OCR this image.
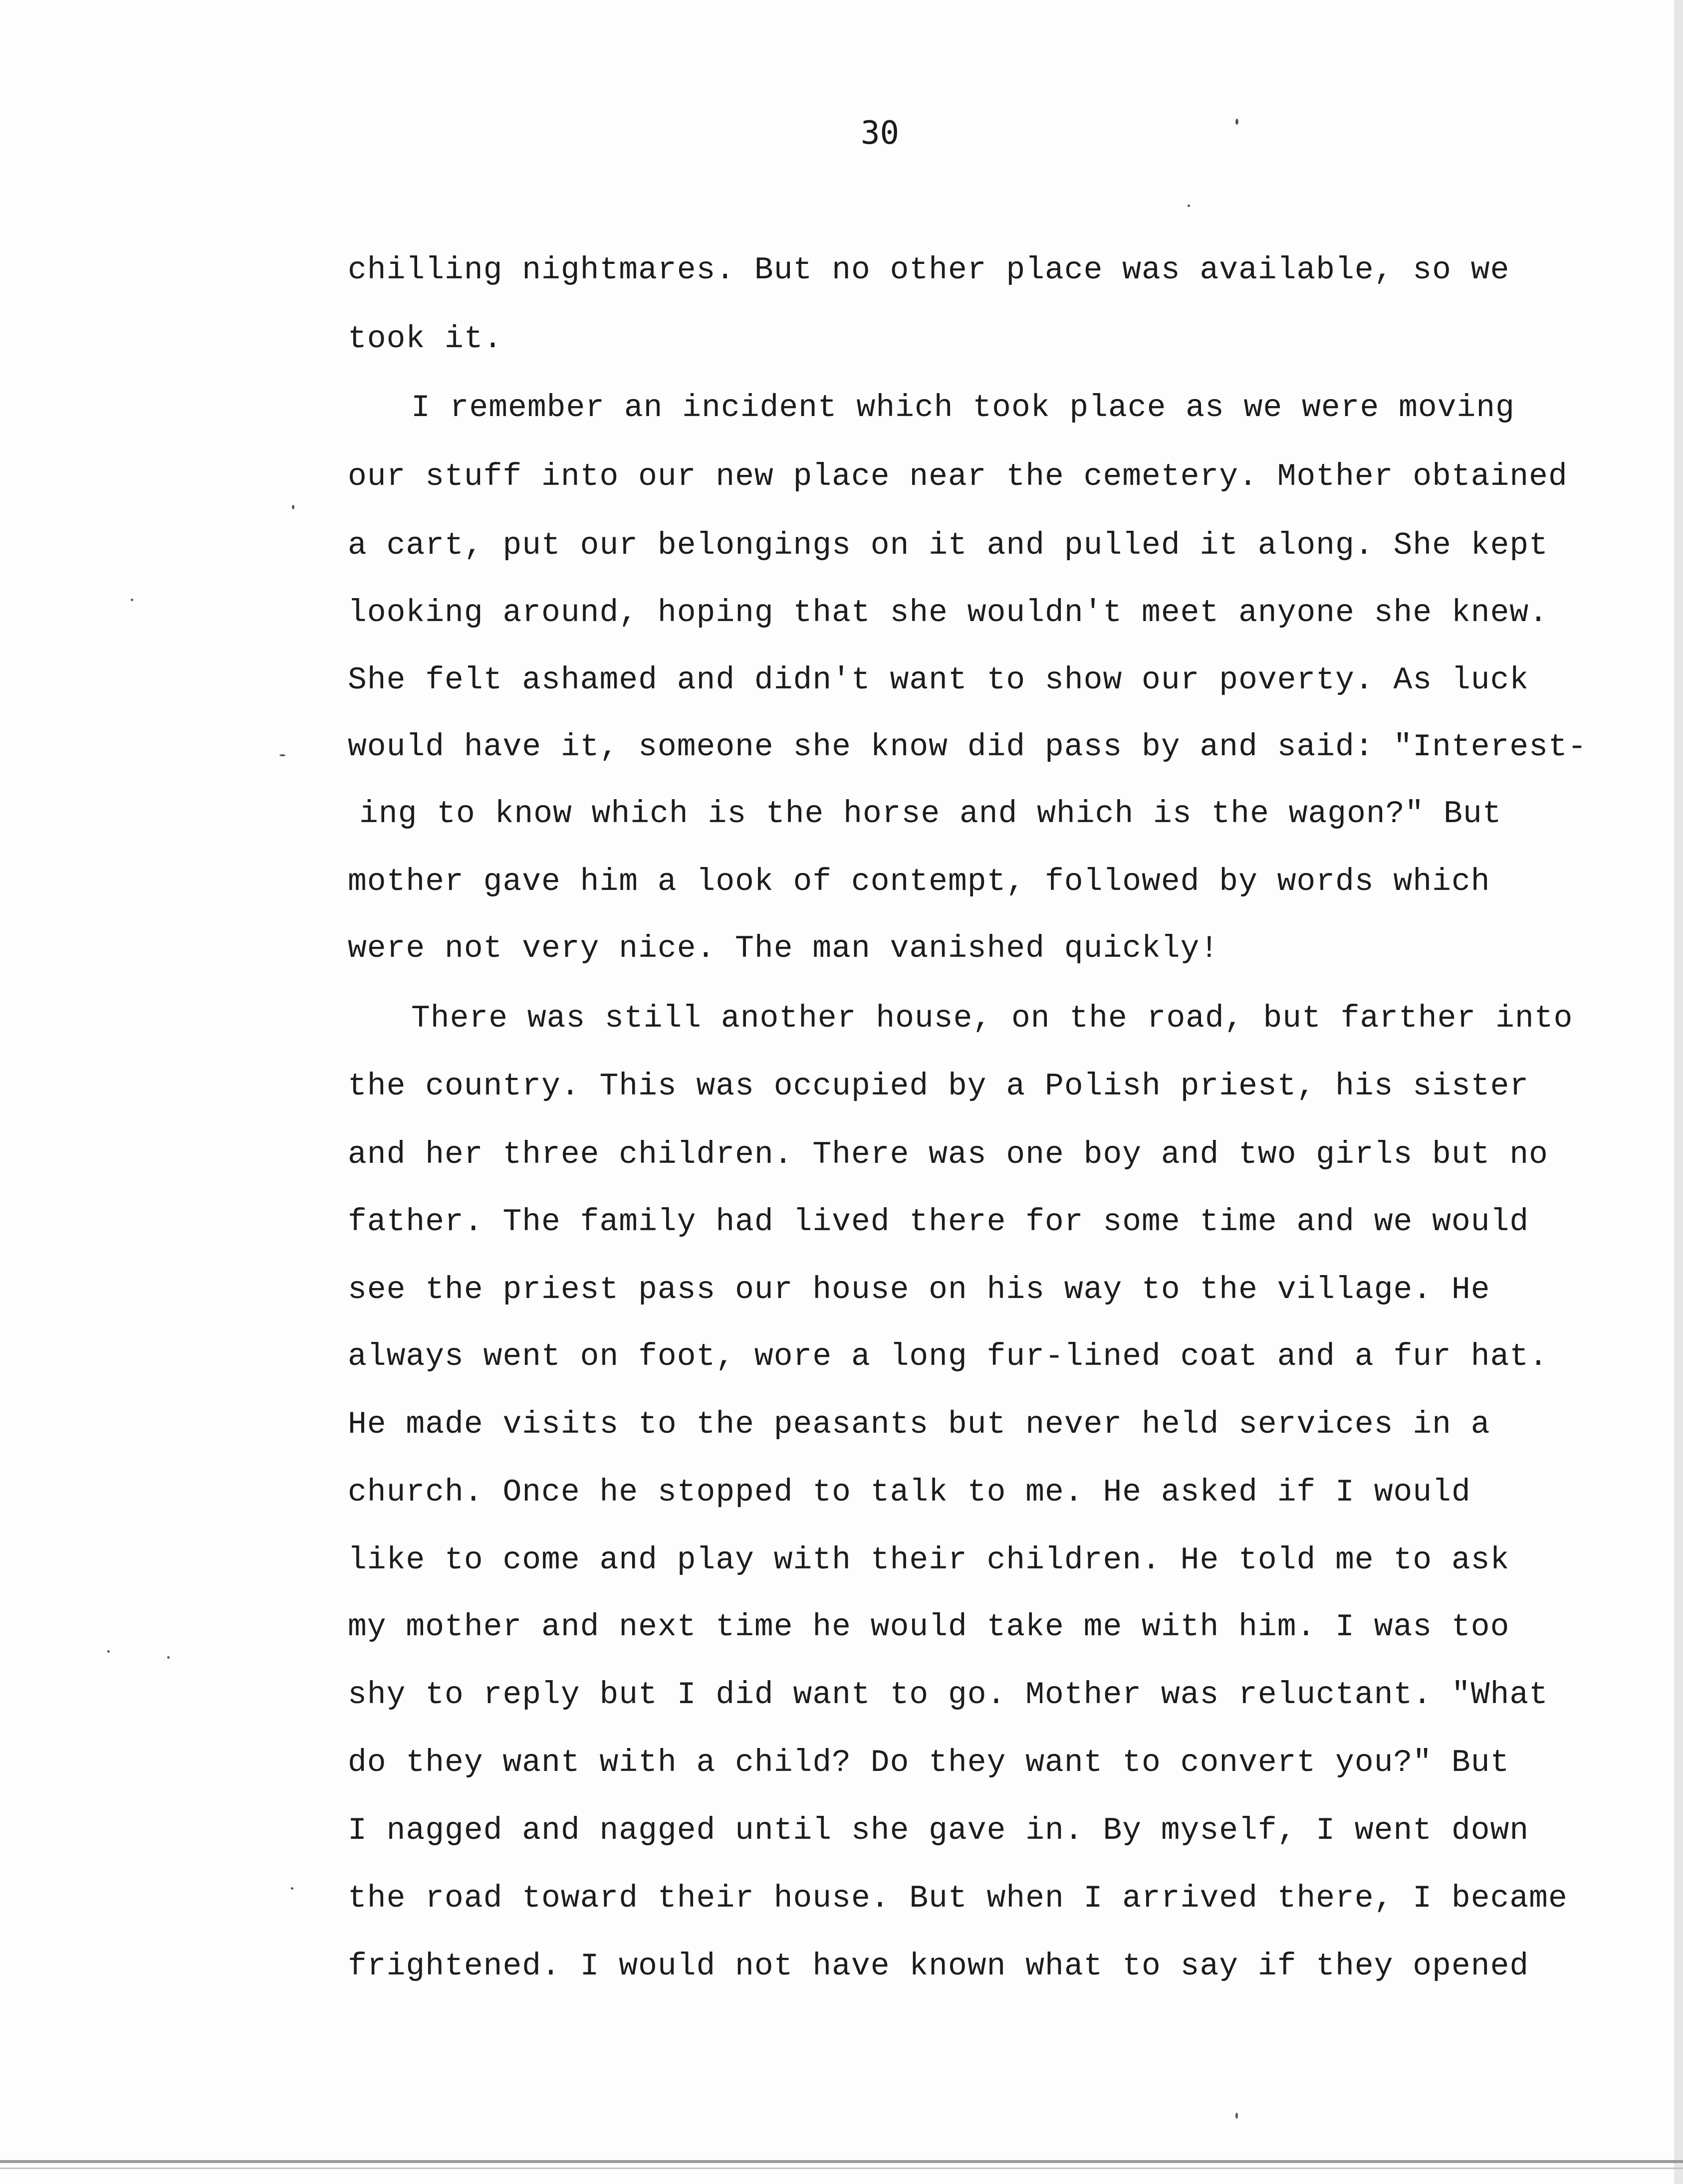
30
chilling nightmares. But no other place was available, so we
took it.
I remember an incident which took place as we were moving
our stuff into our new place near the cemetery. Mother obtained
a cart, put our belongings on it and pulled it along. She kept
looking around, hoping that she wouldn't meet anyone she knew.
She felt ashamed and didn't want to show our poverty. As luck
would have it, someone she know did pass by and said: "Interest-
ing to know which is the horse and which is the wagon?" But
mother gave him a look of contempt, followed by words which
were not very nice. The man vanished quickly!
There was still another house, on the road, but farther into
the country. This was occupied by a Polish priest, his sister
and her three children. There was one boy and two girls but no
father. The family had lived there for some time and we would
see the priest pass our house on his way to the village. He
always went on foot, wore a long fur-lined coat and a fur hat.
He made visits to the peasants but never held services in a
church. Once he stopped to talk to me. He asked if I would
like to come and play with their children. He told me to ask
my mother and next time he would take me with him. I was too
shy to reply but I did want to go. Mother was reluctant. "What
do they want with a child? Do they want to convert you?" But
I nagged and nagged until she gave in. By myself, I went down
the road toward their house. But when I arrived there, I became
frightened. I would not have known what to say if they opened
